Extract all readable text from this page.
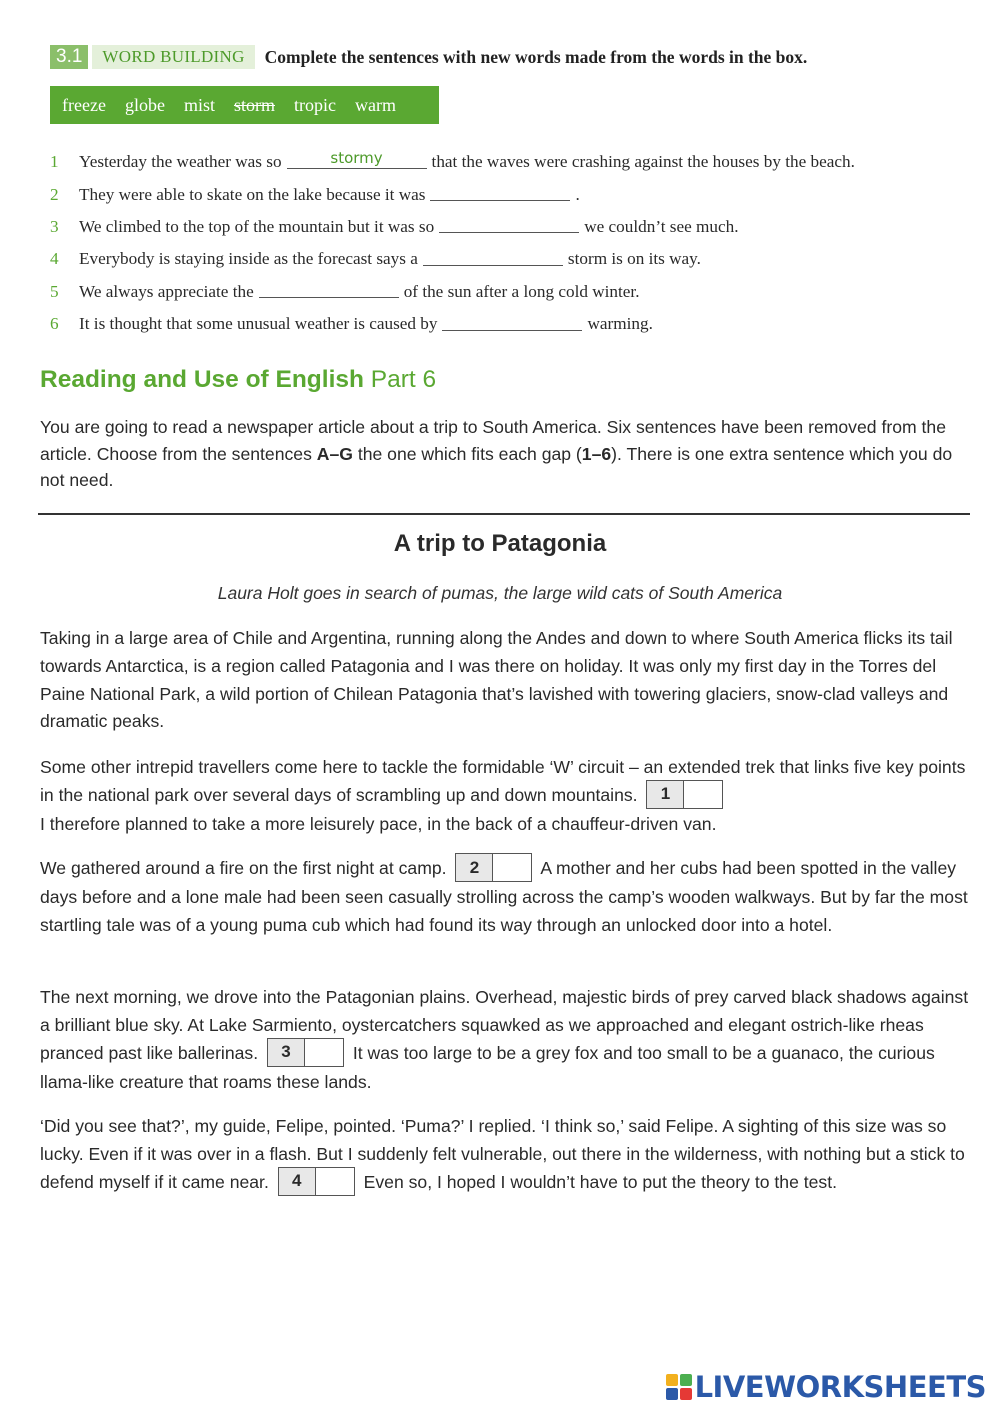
3.1	WORD BUILDING	Complete the sentences with new words made from the words in the box.
freeze globe mist storm tropic warm
1	Yesterday the weather was so	stormy	that the waves were crashing against the houses by the beach.
2	They were able to skate on the lake because it was	.
3	We climbed to the top of the mountain but it was so	we couldn’t see much.
4	Everybody is staying inside as the forecast says a	storm is on its way.
5	We always appreciate the	of the sun after a long cold winter.
6	It is thought that some unusual weather is caused by	warming.
Reading and Use of English Part 6
You are going to read a newspaper article about a trip to South America. Six sentences have been removed from the article. Choose from the sentences A–G the one which fits each gap (1–6). There is one extra sentence which you do not need.
A trip to Patagonia
Laura Holt goes in search of pumas, the large wild cats of South America
Taking in a large area of Chile and Argentina, running along the Andes and down to where South America flicks its tail towards Antarctica, is a region called Patagonia and I was there on holiday. It was only my first day in the Torres del Paine National Park, a wild portion of Chilean Patagonia that’s lavished with towering glaciers, snow-clad valleys and dramatic peaks.
Some other intrepid travellers come here to tackle the formidable ‘W’ circuit – an extended trek that links five key points in the national park over several days of scrambling up and down mountains.	1

I therefore planned to take a more leisurely pace, in the back of a chauffeur-driven van.
We gathered around a fire on the first night at camp.	2	A mother and her cubs had been spotted in the valley days before and a lone male had been seen casually strolling across the camp’s wooden walkways. But by far the most startling tale was of a young puma cub which had found its way through an unlocked door into a hotel.
The next morning, we drove into the Patagonian plains. Overhead, majestic birds of prey carved black shadows against a brilliant blue sky. At Lake Sarmiento, oystercatchers squawked as we approached and elegant ostrich-like rheas pranced past like ballerinas.	3	It was too large to be a grey fox and too small to be a guanaco, the curious llama-like creature that roams these lands.
‘Did you see that?’, my guide, Felipe, pointed. ‘Puma?’ I replied. ‘I think so,’ said Felipe. A sighting of this size was so lucky. Even if it was over in a flash. But I suddenly felt vulnerable, out there in the wilderness, with nothing but a stick to defend myself if it came near.	4	Even so, I hoped I wouldn’t have to put the theory to the test.
LIVEWORKSHEETS
